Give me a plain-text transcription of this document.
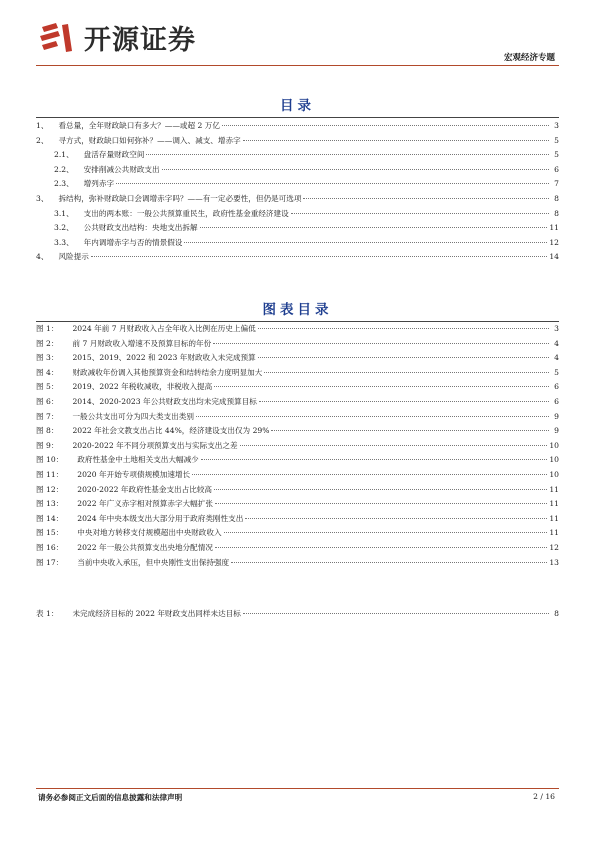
开源证券
宏观经济专题
目录
1、 看总量，全年财政缺口有多大？——或超 2 万亿	3
2、 寻方式，财政缺口如何弥补？——调入、减支、增赤字	5
2.1、 盘活存量财政空间	5
2.2、 安排削减公共财政支出	6
2.3、 增列赤字	7
3、 拆结构，弥补财政缺口会调增赤字吗？——有一定必要性，但仍是可选项	8
3.1、 支出的两本账：一般公共预算重民生，政府性基金重经济建设	8
3.2、 公共财政支出结构：央地支出拆解	11
3.3、 年内调增赤字与否的情景假设	12
4、 风险提示	14
图表目录
图 1： 2024 年前 7 月财政收入占全年收入比例在历史上偏低	3
图 2： 前 7 月财政收入增速不及预算目标的年份	4
图 3： 2015、2019、2022 和 2023 年财政收入未完成预算	4
图 4： 财政减收年份调入其他预算资金和结转结余力度明显加大	5
图 5： 2019、2022 年税收减收，非税收入提高	6
图 6： 2014、2020-2023 年公共财政支出均未完成预算目标	6
图 7： 一般公共支出可分为四大类支出类别	9
图 8： 2022 年社会文教支出占比 44%，经济建设支出仅为 29%	9
图 9： 2020-2022 年不同分项预算支出与实际支出之差	10
图 10： 政府性基金中土地相关支出大幅减少	10
图 11： 2020 年开始专项债规模加速增长	10
图 12： 2020-2022 年政府性基金支出占比较高	11
图 13： 2022 年广义赤字相对预算赤字大幅扩张	11
图 14： 2024 年中央本级支出大部分用于政府类刚性支出	11
图 15： 中央对地方转移支付规模超出中央财政收入	11
图 16： 2022 年一般公共预算支出央地分配情况	12
图 17： 当前中央收入承压，但中央刚性支出保持强度	13
表 1： 未完成经济目标的 2022 年财政支出同样未达目标	8
请务必参阅正文后面的信息披露和法律声明	2 / 16
